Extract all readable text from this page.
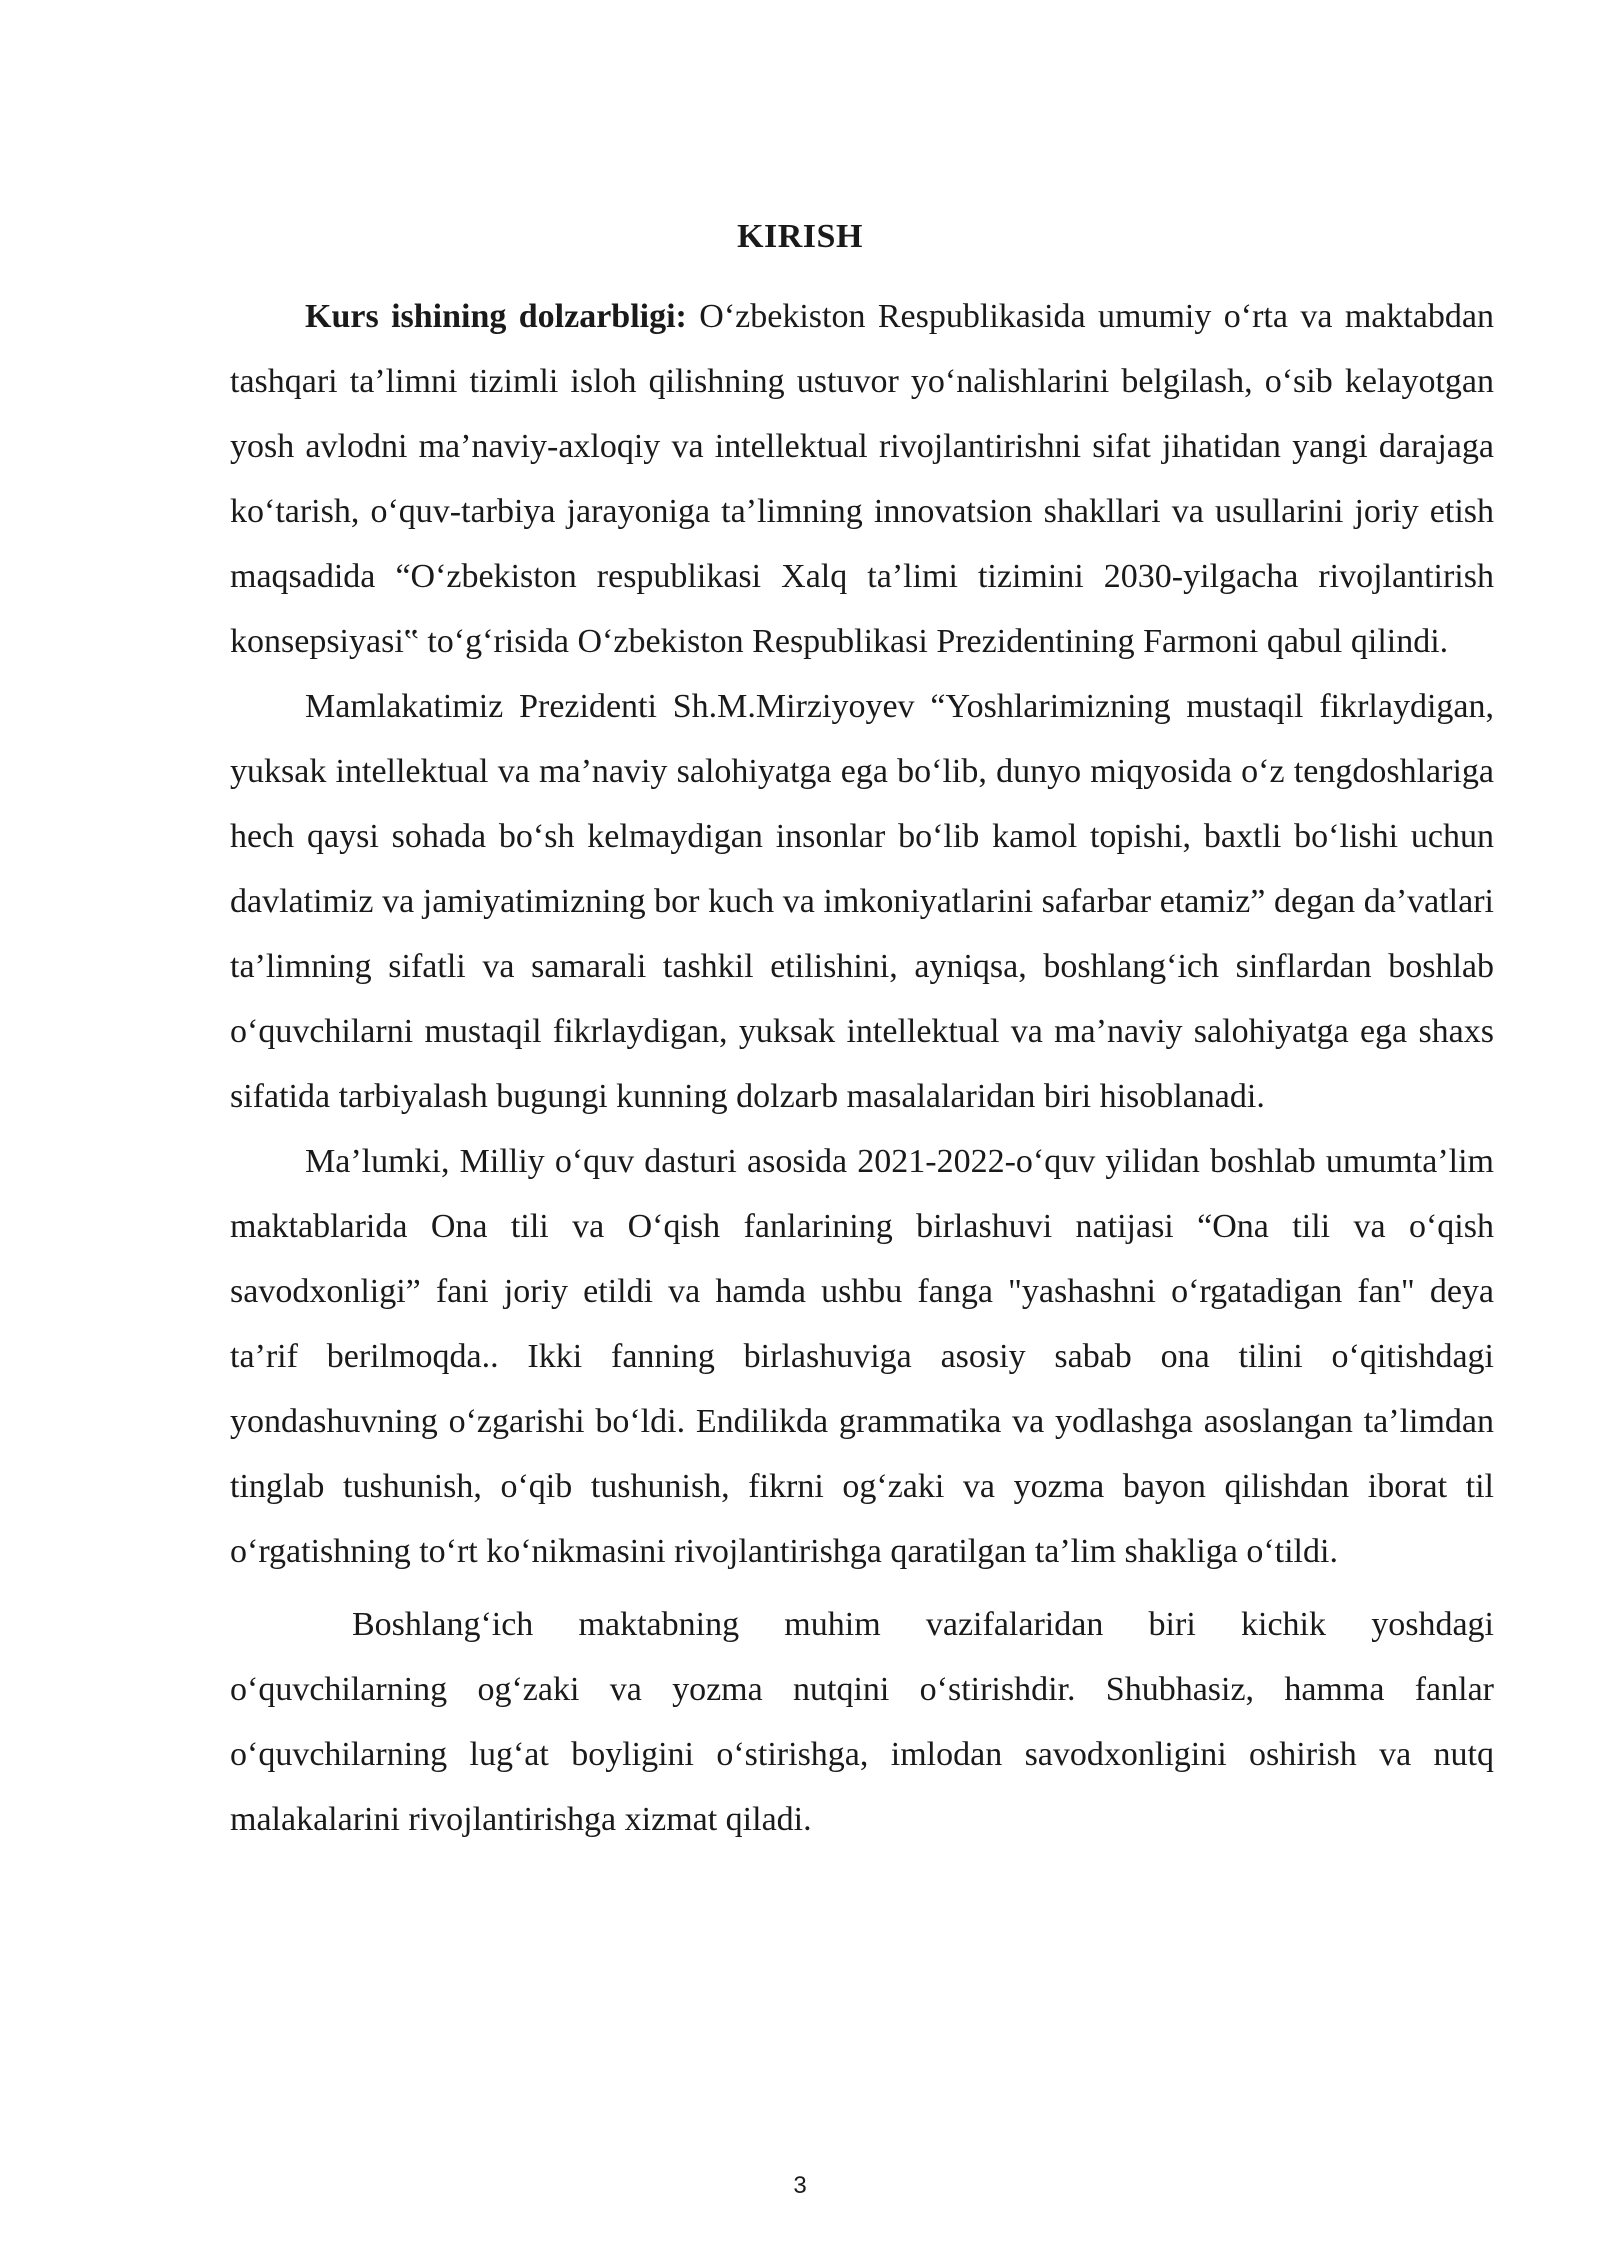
KIRISH

Kurs ishining dolzarbligi: O‘zbekiston Respublikasida umumiy o‘rta va maktabdan tashqari ta’limni tizimli isloh qilishning ustuvor yo‘nalishlarini belgilash, o‘sib kelayotgan yosh avlodni ma’naviy-axloqiy va intellektual rivojlantirishni sifat jihatidan yangi darajaga ko‘tarish, o‘quv-tarbiya jarayoniga ta’limning innovatsion shakllari va usullarini joriy etish maqsadida “O‘zbekiston respublikasi Xalq ta’limi tizimini 2030-yilgacha rivojlantirish konsepsiyasi‟ to‘g‘risida O‘zbekiston Respublikasi Prezidentining Farmoni qabul qilindi.

Mamlakatimiz Prezidenti Sh.M.Mirziyoyev “Yoshlarimizning mustaqil fikrlaydigan, yuksak intellektual va ma’naviy salohiyatga ega bo‘lib, dunyo miqyosida o‘z tengdoshlariga hech qaysi sohada bo‘sh kelmaydigan insonlar bo‘lib kamol topishi, baxtli bo‘lishi uchun davlatimiz va jamiyatimizning bor kuch va imkoniyatlarini safarbar etamiz” degan da’vatlari ta’limning sifatli va samarali tashkil etilishini, ayniqsa, boshlang‘ich sinflardan boshlab o‘quvchilarni mustaqil fikrlaydigan, yuksak intellektual va ma’naviy salohiyatga ega shaxs sifatida tarbiyalash bugungi kunning dolzarb masalalaridan biri hisoblanadi.

Ma’lumki, Milliy o‘quv dasturi asosida 2021-2022-o‘quv yilidan boshlab umumta’lim maktablarida Ona tili va O‘qish fanlarining birlashuvi natijasi “Ona tili va o‘qish savodxonligi” fani joriy etildi va hamda ushbu fanga "yashashni o‘rgatadigan fan" deya ta’rif berilmoqda.. Ikki fanning birlashuviga asosiy sabab ona tilini o‘qitishdagi yondashuvning o‘zgarishi bo‘ldi. Endilikda grammatika va yodlashga asoslangan ta’limdan tinglab tushunish, o‘qib tushunish, fikrni og‘zaki va yozma bayon qilishdan iborat til o‘rgatishning to‘rt ko‘nikmasini rivojlantirishga qaratilgan ta’lim shakliga o‘tildi.

Boshlang‘ich maktabning muhim vazifalaridan biri kichik yoshdagi o‘quvchilarning og‘zaki va yozma nutqini o‘stirishdir. Shubhasiz, hamma fanlar o‘quvchilarning lug‘at boyligini o‘stirishga, imlodan savodxonligini oshirish va nutq malakalarini rivojlantirishga xizmat qiladi.

3
